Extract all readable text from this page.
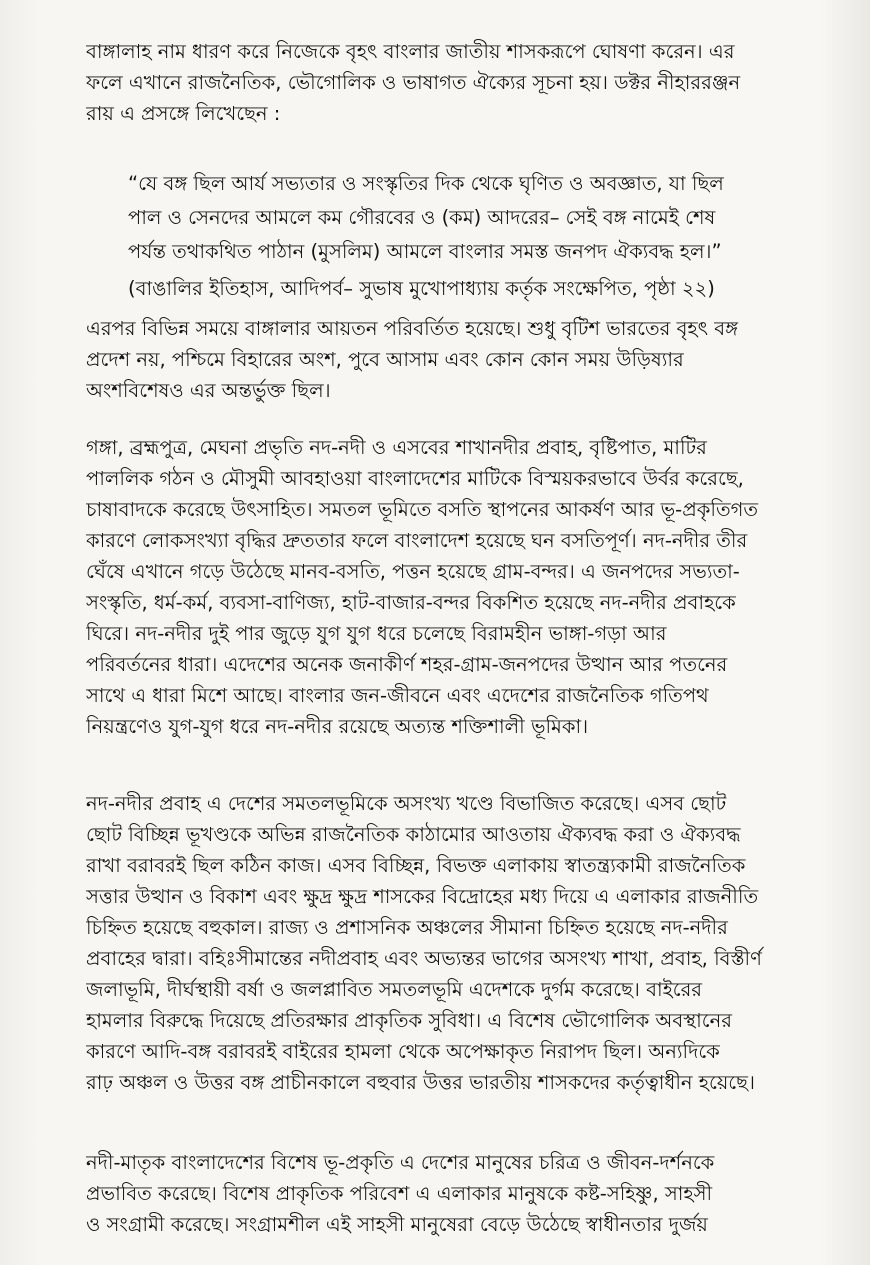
বাঙ্গালাহ নাম ধারণ করে নিজেকে বৃহৎ বাংলার জাতীয় শাসকরূপে ঘোষণা করেন। এর
ফলে এখানে রাজনৈতিক, ভৌগোলিক ও ভাষাগত ঐক্যের সূচনা হয়। ডক্টর নীহাররঞ্জন
রায় এ প্রসঙ্গে লিখেছেন :
“যে বঙ্গ ছিল আর্য সভ্যতার ও সংস্কৃতির দিক থেকে ঘৃণিত ও অবজ্ঞাত, যা ছিল
পাল ও সেনদের আমলে কম গৌরবের ও (কম) আদরের– সেই বঙ্গ নামেই শেষ
পর্যন্ত তথাকথিত পাঠান (মুসলিম) আমলে বাংলার সমস্ত জনপদ ঐক্যবদ্ধ হল।”
(বাঙালির ইতিহাস, আদিপর্ব– সুভাষ মুখোপাধ্যায় কর্তৃক সংক্ষেপিত, পৃষ্ঠা ২২)
এরপর বিভিন্ন সময়ে বাঙ্গালার আয়তন পরিবর্তিত হয়েছে। শুধু বৃটিশ ভারতের বৃহৎ বঙ্গ
প্রদেশ নয়, পশ্চিমে বিহারের অংশ, পুবে আসাম এবং কোন কোন সময় উড়িষ্যার
অংশবিশেষও এর অন্তর্ভুক্ত ছিল।
গঙ্গা, ব্রহ্মপুত্র, মেঘনা প্রভৃতি নদ-নদী ও এসবের শাখানদীর প্রবাহ, বৃষ্টিপাত, মাটির
পাললিক গঠন ও মৌসুমী আবহাওয়া বাংলাদেশের মাটিকে বিস্ময়করভাবে উর্বর করেছে,
চাষাবাদকে করেছে উৎসাহিত। সমতল ভূমিতে বসতি স্থাপনের আকর্ষণ আর ভূ-প্রকৃতিগত
কারণে লোকসংখ্যা বৃদ্ধির দ্রুততার ফলে বাংলাদেশ হয়েছে ঘন বসতিপূর্ণ। নদ-নদীর তীর
ঘেঁষে এখানে গড়ে উঠেছে মানব-বসতি, পত্তন হয়েছে গ্রাম-বন্দর। এ জনপদের সভ্যতা-
সংস্কৃতি, ধর্ম-কর্ম, ব্যবসা-বাণিজ্য, হাট-বাজার-বন্দর বিকশিত হয়েছে নদ-নদীর প্রবাহকে
ঘিরে। নদ-নদীর দুই পার জুড়ে যুগ যুগ ধরে চলেছে বিরামহীন ভাঙ্গা-গড়া আর
পরিবর্তনের ধারা। এদেশের অনেক জনাকীর্ণ শহর-গ্রাম-জনপদের উত্থান আর পতনের
সাথে এ ধারা মিশে আছে। বাংলার জন-জীবনে এবং এদেশের রাজনৈতিক গতিপথ
নিয়ন্ত্রণেও যুগ-যুগ ধরে নদ-নদীর রয়েছে অত্যন্ত শক্তিশালী ভূমিকা।
নদ-নদীর প্রবাহ এ দেশের সমতলভূমিকে অসংখ্য খণ্ডে বিভাজিত করেছে। এসব ছোট
ছোট বিচ্ছিন্ন ভূখণ্ডকে অভিন্ন রাজনৈতিক কাঠামোর আওতায় ঐক্যবদ্ধ করা ও ঐক্যবদ্ধ
রাখা বরাবরই ছিল কঠিন কাজ। এসব বিচ্ছিন্ন, বিভক্ত এলাকায় স্বাতন্ত্র্যকামী রাজনৈতিক
সত্তার উত্থান ও বিকাশ এবং ক্ষুদ্র ক্ষুদ্র শাসকের বিদ্রোহের মধ্য দিয়ে এ এলাকার রাজনীতি
চিহ্নিত হয়েছে বহুকাল। রাজ্য ও প্রশাসনিক অঞ্চলের সীমানা চিহ্নিত হয়েছে নদ-নদীর
প্রবাহের দ্বারা। বহিঃসীমান্তের নদীপ্রবাহ এবং অভ্যন্তর ভাগের অসংখ্য শাখা, প্রবাহ, বিস্তীর্ণ
জলাভূমি, দীর্ঘস্থায়ী বর্ষা ও জলপ্লাবিত সমতলভূমি এদেশকে দুর্গম করেছে। বাইরের
হামলার বিরুদ্ধে দিয়েছে প্রতিরক্ষার প্রাকৃতিক সুবিধা। এ বিশেষ ভৌগোলিক অবস্থানের
কারণে আদি-বঙ্গ বরাবরই বাইরের হামলা থেকে অপেক্ষাকৃত নিরাপদ ছিল। অন্যদিকে
রাঢ় অঞ্চল ও উত্তর বঙ্গ প্রাচীনকালে বহুবার উত্তর ভারতীয় শাসকদের কর্তৃত্বাধীন হয়েছে।
নদী-মাতৃক বাংলাদেশের বিশেষ ভূ-প্রকৃতি এ দেশের মানুষের চরিত্র ও জীবন-দর্শনকে
প্রভাবিত করেছে। বিশেষ প্রাকৃতিক পরিবেশ এ এলাকার মানুষকে কষ্ট-সহিষ্ণু, সাহসী
ও সংগ্রামী করেছে। সংগ্রামশীল এই সাহসী মানুষেরা বেড়ে উঠেছে স্বাধীনতার দুর্জয়
